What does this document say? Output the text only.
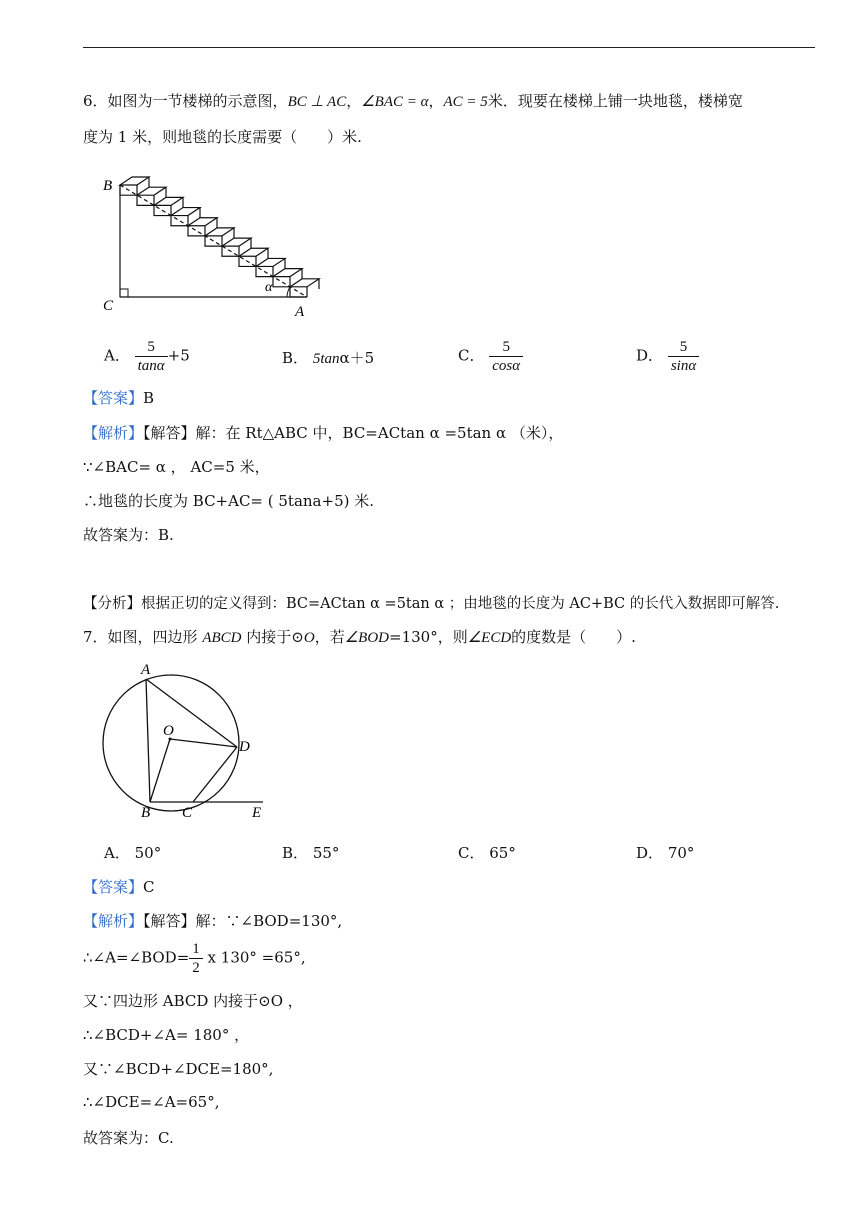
6．如图为一节楼梯的示意图，BC ⊥ AC，∠BAC = α，AC = 5米．现要在楼梯上铺一块地毯，楼梯宽
度为 1 米，则地毯的长度需要（　　）米.
B
C	A
α
A． $\frac{5}{\tan\alpha} +5$	B． 5tanα＋5	C． $\frac{5}{\cos\alpha}$	D． $\frac{5}{\sin\alpha}$
【答案】B
【解析】【解答】解：在 Rt△ABC 中，BC=ACtan α =5tan α （米），
∵∠BAC= α ， AC=5 米，
∴地毯的长度为 BC+AC= ( 5tana+5) 米.
故答案为：B.
【分析】根据正切的定义得到：BC=ACtan α =5tan α ；由地毯的长度为 AC+BC 的长代入数据即可解答.
7．如图，四边形 ABCD 内接于⊙O，若∠BOD=130°，则∠ECD的度数是（　　）.
A
O
D
B C	E
A． 50°	B． 55°	C． 65°	D． 70°
【答案】C
【解析】【解答】解：∵∠BOD=130°,
∴∠A=∠BOD= $\frac{1}{2}$ x 130° =65°,
又∵四边形 ABCD 内接于⊙O ，
∴∠BCD+∠A= 180° ，
又∵∠BCD+∠DCE=180°,
∴∠DCE=∠A=65°,
故答案为：C.
